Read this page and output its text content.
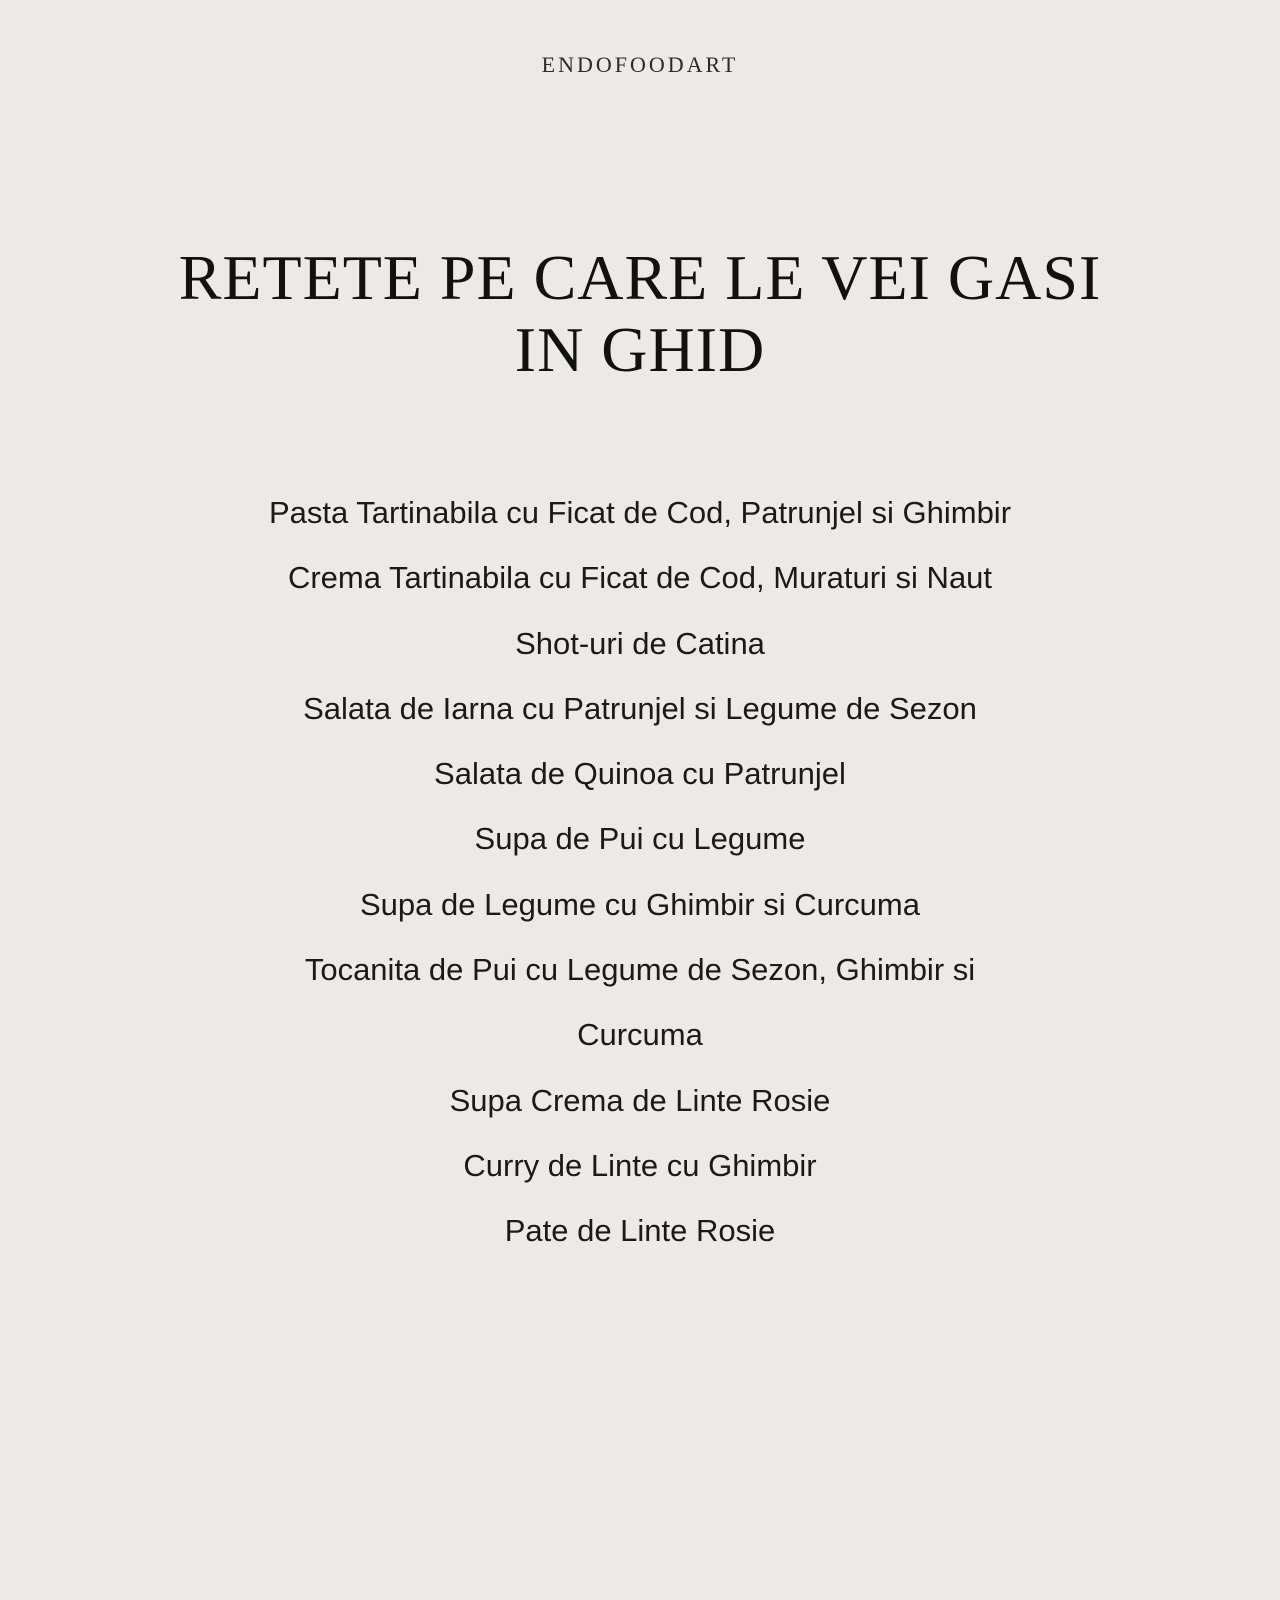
ENDOFOODART
RETETE PE CARE LE VEI GASI IN GHID
Pasta Tartinabila cu Ficat de Cod, Patrunjel si Ghimbir
Crema Tartinabila cu Ficat de Cod, Muraturi si Naut
Shot-uri de Catina
Salata de Iarna cu Patrunjel si Legume de Sezon
Salata de Quinoa cu Patrunjel
Supa de Pui cu Legume
Supa de Legume cu Ghimbir si Curcuma
Tocanita de Pui cu Legume de Sezon, Ghimbir si Curcuma
Supa Crema de Linte Rosie
Curry de Linte cu Ghimbir
Pate de Linte Rosie
